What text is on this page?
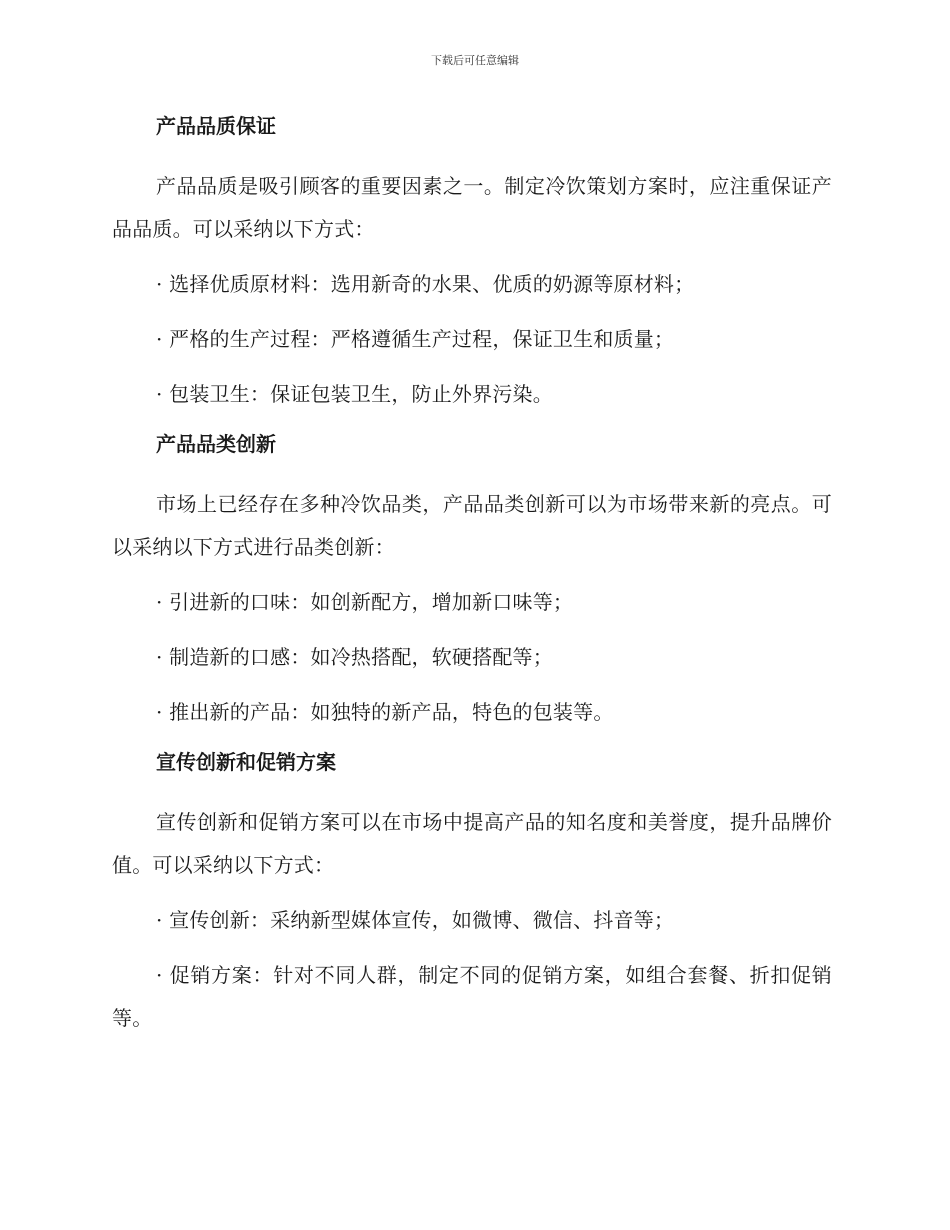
下载后可任意编辑
产品品质保证

产品品质是吸引顾客的重要因素之一。制定冷饮策划方案时，应注重保证产品品质。可以采纳以下方式：

· 选择优质原材料：选用新奇的水果、优质的奶源等原材料；

· 严格的生产过程：严格遵循生产过程，保证卫生和质量；

· 包装卫生：保证包装卫生，防止外界污染。

产品品类创新

市场上已经存在多种冷饮品类，产品品类创新可以为市场带来新的亮点。可以采纳以下方式进行品类创新：

· 引进新的口味：如创新配方，增加新口味等；

· 制造新的口感：如冷热搭配，软硬搭配等；

· 推出新的产品：如独特的新产品，特色的包装等。

宣传创新和促销方案

宣传创新和促销方案可以在市场中提高产品的知名度和美誉度，提升品牌价值。可以采纳以下方式：

· 宣传创新：采纳新型媒体宣传，如微博、微信、抖音等；

· 促销方案：针对不同人群，制定不同的促销方案，如组合套餐、折扣促销等。
